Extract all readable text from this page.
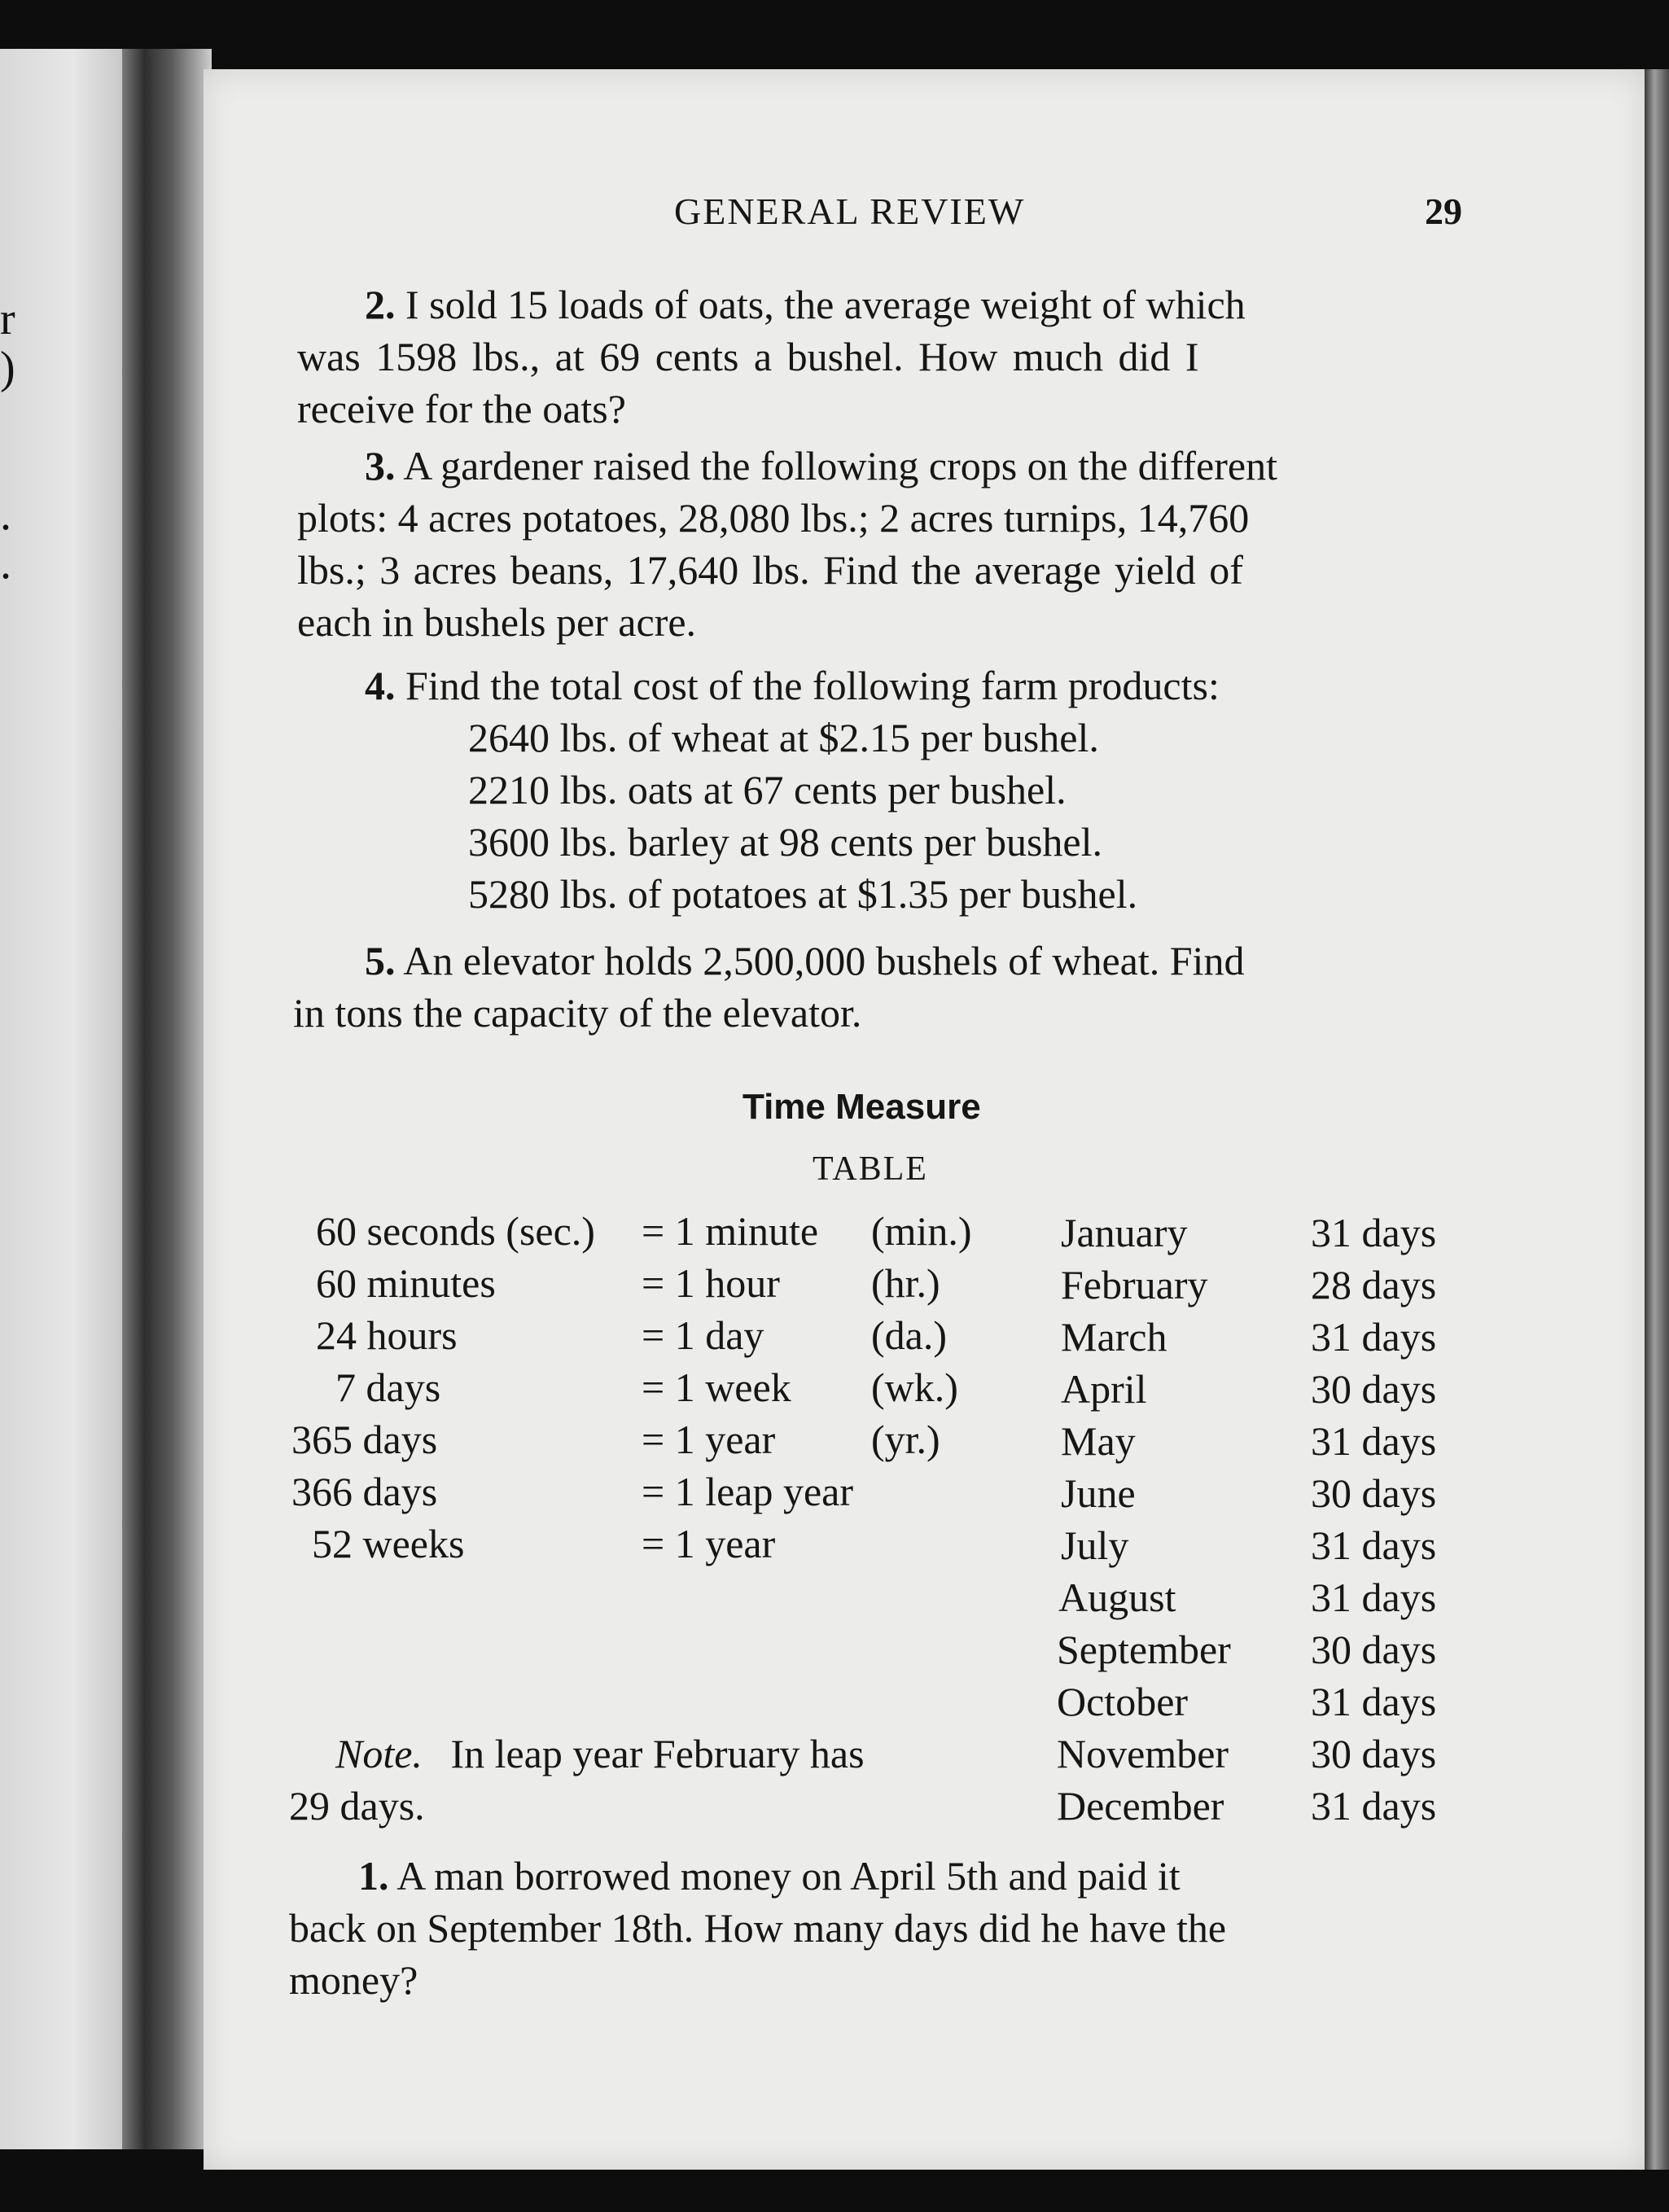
r
)
.
.
GENERAL REVIEW	29
2. I sold 15 loads of oats, the average weight of which
was 1598 lbs., at 69 cents a bushel. How much did I
receive for the oats?
3. A gardener raised the following crops on the different
plots: 4 acres potatoes, 28,080 lbs.; 2 acres turnips, 14,760
lbs.; 3 acres beans, 17,640 lbs. Find the average yield of
each in bushels per acre.
4. Find the total cost of the following farm products:
2640 lbs. of wheat at $2.15 per bushel.
2210 lbs. oats at 67 cents per bushel.
3600 lbs. barley at 98 cents per bushel.
5280 lbs. of potatoes at $1.35 per bushel.
5. An elevator holds 2,500,000 bushels of wheat. Find
in tons the capacity of the elevator.
Time Measure
TABLE
60 seconds (sec.) = 1 minute (min.)
60 minutes	= 1 hour (hr.)
24 hours	= 1 day	(da.)
7 days	= 1 week (wk.)
365 days	= 1 year (yr.)
366 days	= 1 leap year
52 weeks	= 1 year
January	31 days
February	28 days
March	31 days
April	30 days
May	31 days
June	30 days
July	31 days
August	31 days
September 30 days
October	31 days
November 30 days
December 31 days
Note. In leap year February has
29 days.
1. A man borrowed money on April 5th and paid it
back on September 18th. How many days did he have the
money?
